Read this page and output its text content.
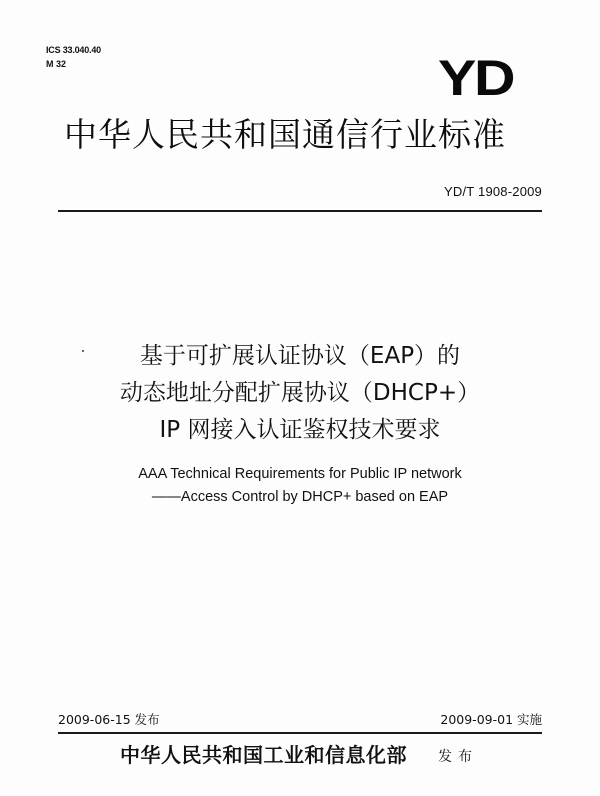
ICS 33.040.40
M 32	YD
中华人民共和国通信行业标准
YD/T 1908-2009
基于可扩展认证协议（EAP）的
动态地址分配扩展协议（DHCP+）
IP 网接入认证鉴权技术要求
AAA Technical Requirements for Public IP network
——Access Control by DHCP+ based on EAP
2009-06-15 发布	2009-09-01 实施
中华人民共和国工业和信息化部 发布
